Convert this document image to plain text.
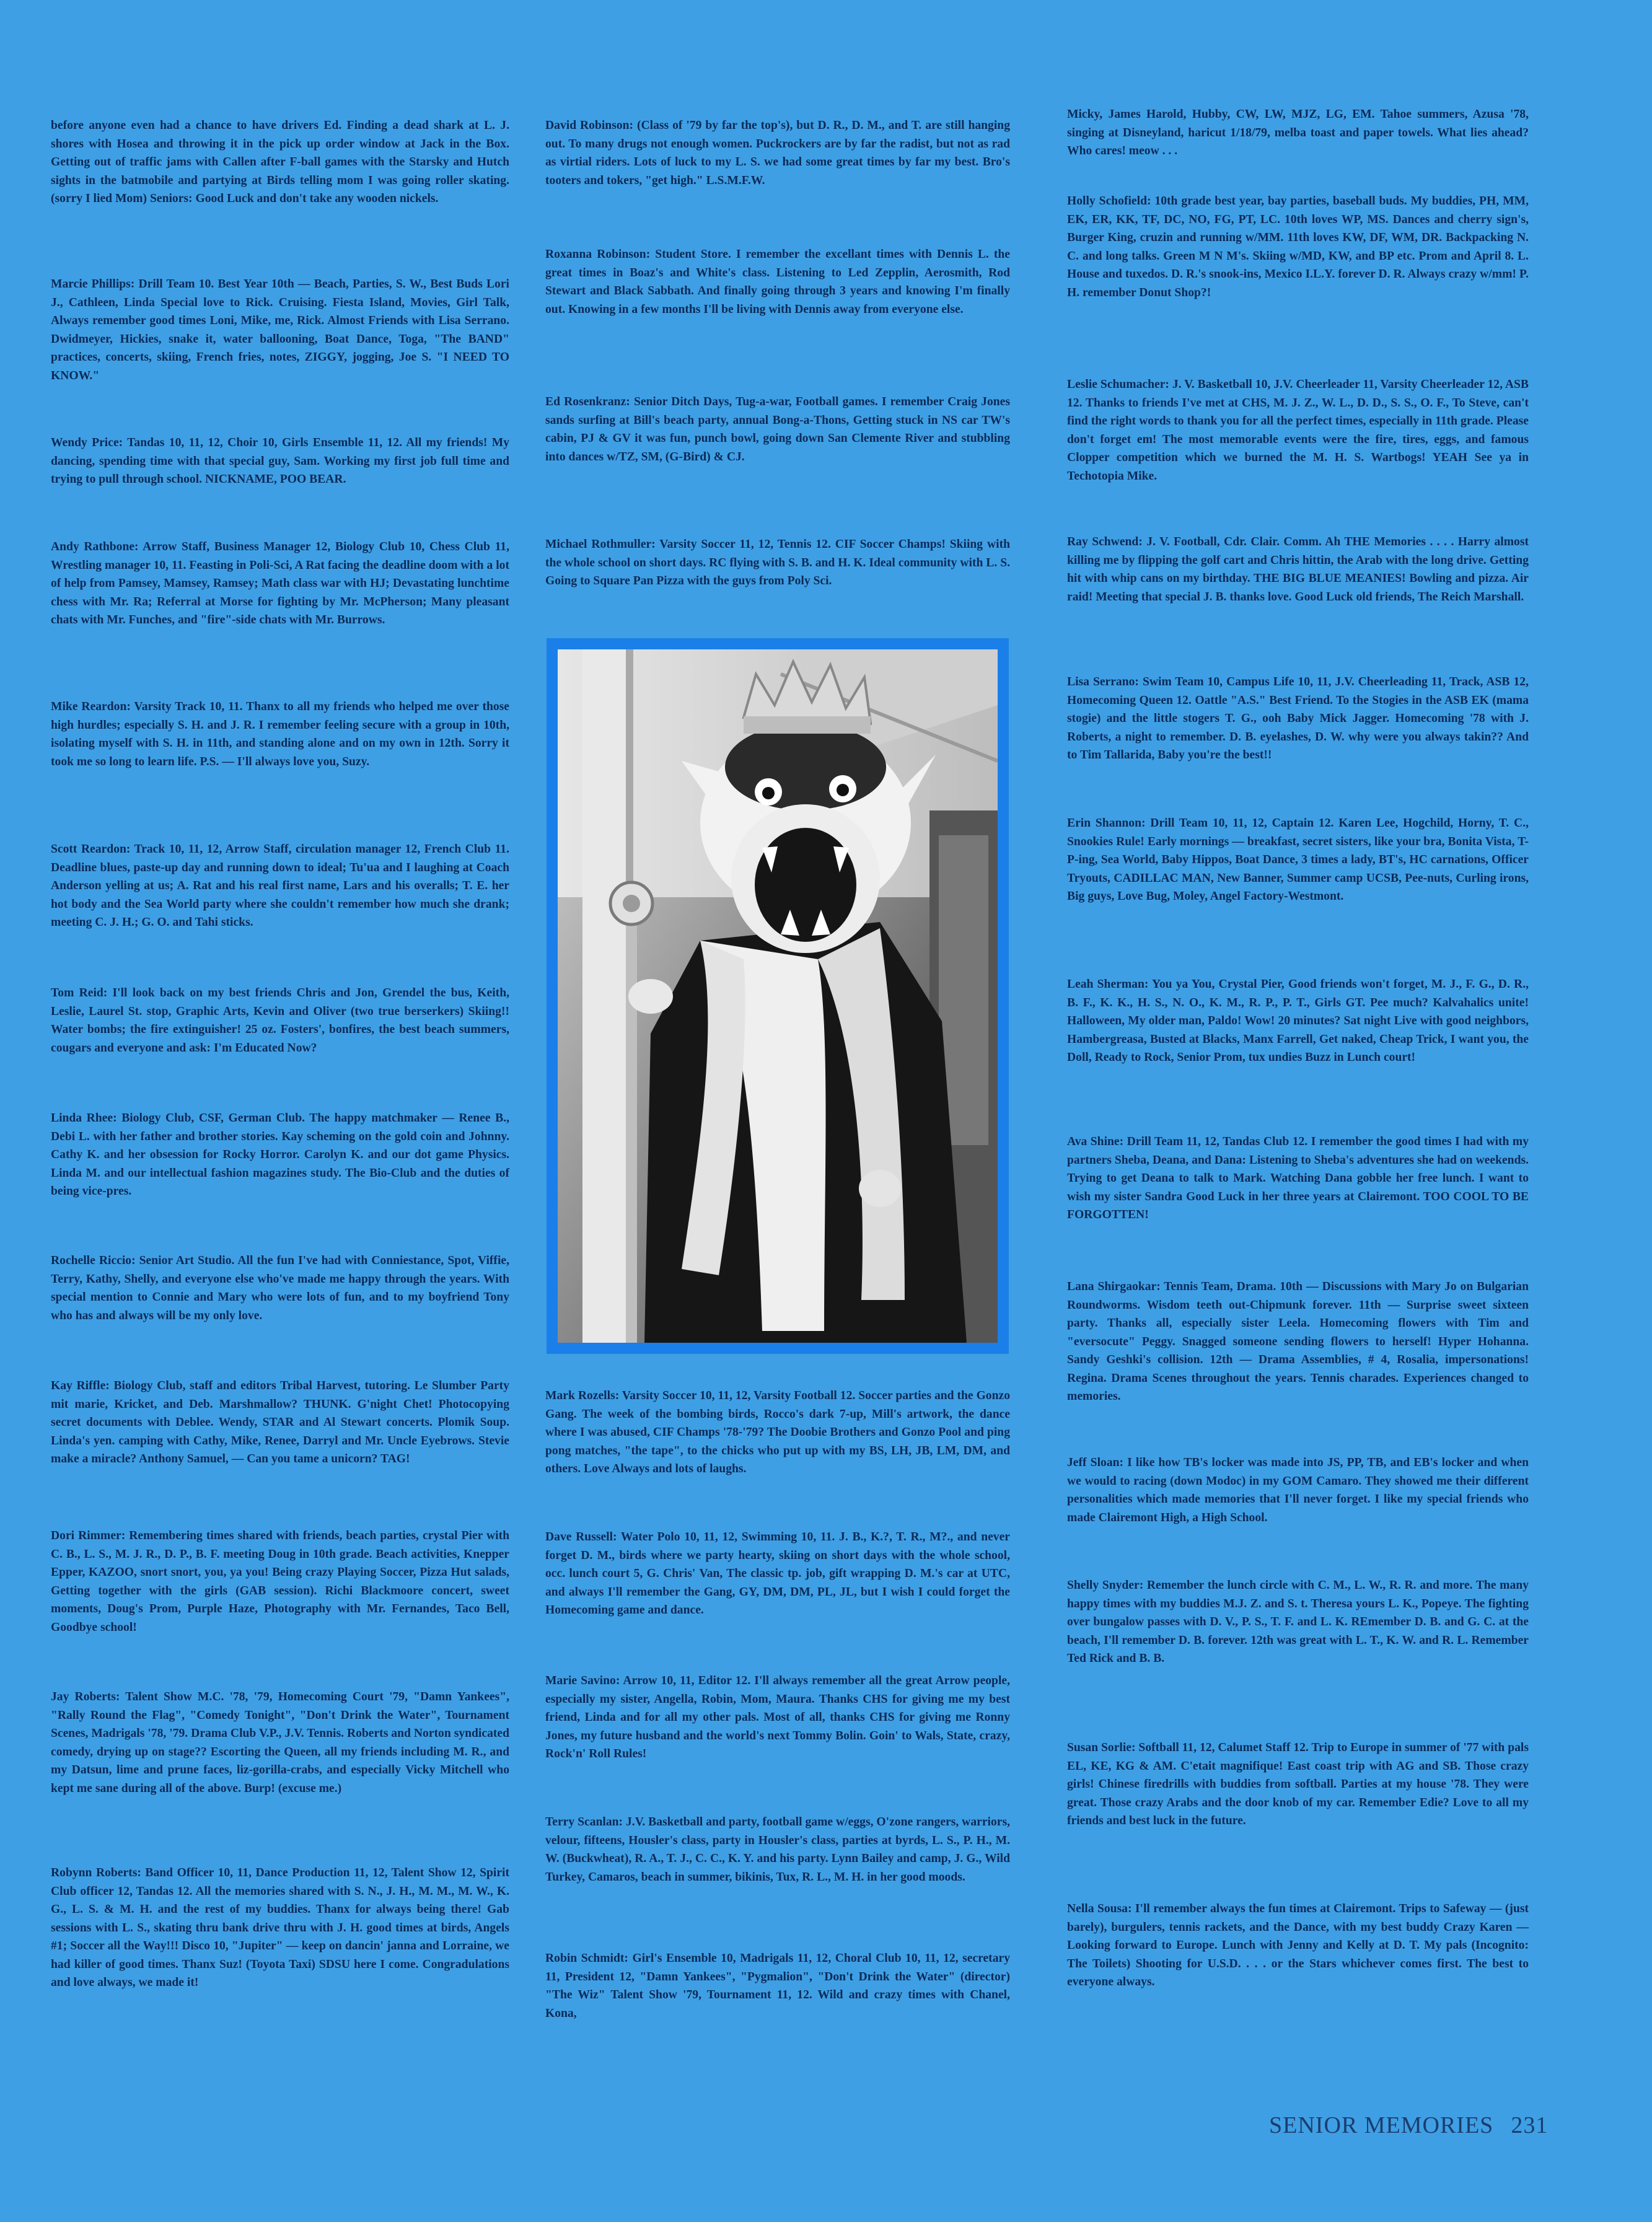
before anyone even had a chance to have drivers Ed. Finding a dead shark at L. J. shores with Hosea and throwing it in the pick up order window at Jack in the Box. Getting out of traffic jams with Callen after F-ball games with the Starsky and Hutch sights in the batmobile and partying at Birds telling mom I was going roller skating. (sorry I lied Mom) Seniors: Good Luck and don't take any wooden nickels.

Marcie Phillips: Drill Team 10. Best Year 10th — Beach, Parties, S. W., Best Buds Lori J., Cathleen, Linda Special love to Rick. Cruising. Fiesta Island, Movies, Girl Talk, Always remember good times Loni, Mike, me, Rick. Almost Friends with Lisa Serrano. Dwidmeyer, Hickies, snake it, water ballooning, Boat Dance, Toga, "The BAND" practices, concerts, skiing, French fries, notes, ZIGGY, jogging, Joe S. "I NEED TO KNOW."

Wendy Price: Tandas 10, 11, 12, Choir 10, Girls Ensemble 11, 12. All my friends! My dancing, spending time with that special guy, Sam. Working my first job full time and trying to pull through school. NICKNAME, POO BEAR.

Andy Rathbone: Arrow Staff, Business Manager 12, Biology Club 10, Chess Club 11, Wrestling manager 10, 11. Feasting in Poli-Sci, A Rat facing the deadline doom with a lot of help from Pamsey, Mamsey, Ramsey; Math class war with HJ; Devastating lunchtime chess with Mr. Ra; Referral at Morse for fighting by Mr. McPherson; Many pleasant chats with Mr. Funches, and "fire"-side chats with Mr. Burrows.

Mike Reardon: Varsity Track 10, 11. Thanx to all my friends who helped me over those high hurdles; especially S. H. and J. R. I remember feeling secure with a group in 10th, isolating myself with S. H. in 11th, and standing alone and on my own in 12th. Sorry it took me so long to learn life. P.S. — I'll always love you, Suzy.

Scott Reardon: Track 10, 11, 12, Arrow Staff, circulation manager 12, French Club 11. Deadline blues, paste-up day and running down to ideal; Tu'ua and I laughing at Coach Anderson yelling at us; A. Rat and his real first name, Lars and his overalls; T. E. her hot body and the Sea World party where she couldn't remember how much she drank; meeting C. J. H.; G. O. and Tahi sticks.

Tom Reid: I'll look back on my best friends Chris and Jon, Grendel the bus, Keith, Leslie, Laurel St. stop, Graphic Arts, Kevin and Oliver (two true berserkers) Skiing!! Water bombs; the fire extinguisher! 25 oz. Fosters', bonfires, the best beach summers, cougars and everyone and ask: I'm Educated Now?

Linda Rhee: Biology Club, CSF, German Club. The happy matchmaker — Renee B., Debi L. with her father and brother stories. Kay scheming on the gold coin and Johnny. Cathy K. and her obsession for Rocky Horror. Carolyn K. and our dot game Physics. Linda M. and our intellectual fashion magazines study. The Bio-Club and the duties of being vice-pres.

Rochelle Riccio: Senior Art Studio. All the fun I've had with Conniestance, Spot, Viffie, Terry, Kathy, Shelly, and everyone else who've made me happy through the years. With special mention to Connie and Mary who were lots of fun, and to my boyfriend Tony who has and always will be my only love.

Kay Riffle: Biology Club, staff and editors Tribal Harvest, tutoring. Le Slumber Party mit marie, Kricket, and Deb. Marshmallow? THUNK. G'night Chet! Photocopying secret documents with Deblee. Wendy, STAR and Al Stewart concerts. Plomik Soup. Linda's yen. camping with Cathy, Mike, Renee, Darryl and Mr. Uncle Eyebrows. Stevie make a miracle? Anthony Samuel, — Can you tame a unicorn? TAG!

Dori Rimmer: Remembering times shared with friends, beach parties, crystal Pier with C. B., L. S., M. J. R., D. P., B. F. meeting Doug in 10th grade. Beach activities, Knepper Epper, KAZOO, snort snort, you, ya you! Being crazy Playing Soccer, Pizza Hut salads, Getting together with the girls (GAB session). Richi Blackmoore concert, sweet moments, Doug's Prom, Purple Haze, Photography with Mr. Fernandes, Taco Bell, Goodbye school!

Jay Roberts: Talent Show M.C. '78, '79, Homecoming Court '79, "Damn Yankees", "Rally Round the Flag", "Comedy Tonight", "Don't Drink the Water", Tournament Scenes, Madrigals '78, '79. Drama Club V.P., J.V. Tennis. Roberts and Norton syndicated comedy, drying up on stage?? Escorting the Queen, all my friends including M. R., and my Datsun, lime and prune faces, liz-gorilla-crabs, and especially Vicky Mitchell who kept me sane during all of the above. Burp! (excuse me.)

Robynn Roberts: Band Officer 10, 11, Dance Production 11, 12, Talent Show 12, Spirit Club officer 12, Tandas 12. All the memories shared with S. N., J. H., M. M., M. W., K. G., L. S. & M. H. and the rest of my buddies. Thanx for always being there! Gab sessions with L. S., skating thru bank drive thru with J. H. good times at birds, Angels #1; Soccer all the Way!!! Disco 10, "Jupiter" — keep on dancin' janna and Lorraine, we had killer of good times. Thanx Suz! (Toyota Taxi) SDSU here I come. Congradulations and love always, we made it!

David Robinson: (Class of '79 by far the top's), but D. R., D. M., and T. are still hanging out. To many drugs not enough women. Puckrockers are by far the radist, but not as rad as virtial riders. Lots of luck to my L. S. we had some great times by far my best. Bro's tooters and tokers, "get high." L.S.M.F.W.

Roxanna Robinson: Student Store. I remember the excellant times with Dennis L. the great times in Boaz's and White's class. Listening to Led Zepplin, Aerosmith, Rod Stewart and Black Sabbath. And finally going through 3 years and knowing I'm finally out. Knowing in a few months I'll be living with Dennis away from everyone else.

Ed Rosenkranz: Senior Ditch Days, Tug-a-war, Football games. I remember Craig Jones sands surfing at Bill's beach party, annual Bong-a-Thons, Getting stuck in NS car TW's cabin, PJ & GV it was fun, punch bowl, going down San Clemente River and stubbling into dances w/TZ, SM, (G-Bird) & CJ.

Michael Rothmuller: Varsity Soccer 11, 12, Tennis 12. CIF Soccer Champs! Skiing with the whole school on short days. RC flying with S. B. and H. K. Ideal community with L. S. Going to Square Pan Pizza with the guys from Poly Sci.

Mark Rozells: Varsity Soccer 10, 11, 12, Varsity Football 12. Soccer parties and the Gonzo Gang. The week of the bombing birds, Rocco's dark 7-up, Mill's artwork, the dance where I was abused, CIF Champs '78-'79? The Doobie Brothers and Gonzo Pool and ping pong matches, "the tape", to the chicks who put up with my BS, LH, JB, LM, DM, and others. Love Always and lots of laughs.

Dave Russell: Water Polo 10, 11, 12, Swimming 10, 11. J. B., K.?, T. R., M?., and never forget D. M., birds where we party hearty, skiing on short days with the whole school, occ. lunch court 5, G. Chris' Van, The classic tp. job, gift wrapping D. M.'s car at UTC, and always I'll remember the Gang, GY, DM, DM, PL, JL, but I wish I could forget the Homecoming game and dance.

Marie Savino: Arrow 10, 11, Editor 12. I'll always remember all the great Arrow people, especially my sister, Angella, Robin, Mom, Maura. Thanks CHS for giving me my best friend, Linda and for all my other pals. Most of all, thanks CHS for giving me Ronny Jones, my future husband and the world's next Tommy Bolin. Goin' to Wals, State, crazy, Rock'n' Roll Rules!

Terry Scanlan: J.V. Basketball and party, football game w/eggs, O'zone rangers, warriors, velour, fifteens, Housler's class, party in Housler's class, parties at byrds, L. S., P. H., M. W. (Buckwheat), R. A., T. J., C. C., K. Y. and his party. Lynn Bailey and camp, J. G., Wild Turkey, Camaros, beach in summer, bikinis, Tux, R. L., M. H. in her good moods.

Robin Schmidt: Girl's Ensemble 10, Madrigals 11, 12, Choral Club 10, 11, 12, secretary 11, President 12, "Damn Yankees", "Pygmalion", "Don't Drink the Water" (director) "The Wiz" Talent Show '79, Tournament 11, 12. Wild and crazy times with Chanel, Kona,

Micky, James Harold, Hubby, CW, LW, MJZ, LG, EM. Tahoe summers, Azusa '78, singing at Disneyland, haricut 1/18/79, melba toast and paper towels. What lies ahead? Who cares! meow . . .

Holly Schofield: 10th grade best year, bay parties, baseball buds. My buddies, PH, MM, EK, ER, KK, TF, DC, NO, FG, PT, LC. 10th loves WP, MS. Dances and cherry sign's, Burger King, cruzin and running w/MM. 11th loves KW, DF, WM, DR. Backpacking N. C. and long talks. Green M N M's. Skiing w/MD, KW, and BP etc. Prom and April 8. L. House and tuxedos. D. R.'s snook-ins, Mexico I.L.Y. forever D. R. Always crazy w/mm! P. H. remember Donut Shop?!

Leslie Schumacher: J. V. Basketball 10, J.V. Cheerleader 11, Varsity Cheerleader 12, ASB 12. Thanks to friends I've met at CHS, M. J. Z., W. L., D. D., S. S., O. F., To Steve, can't find the right words to thank you for all the perfect times, especially in 11th grade. Please don't forget em! The most memorable events were the fire, tires, eggs, and famous Clopper competition which we burned the M. H. S. Wartbogs! YEAH See ya in Techotopia Mike.

Ray Schwend: J. V. Football, Cdr. Clair. Comm. Ah THE Memories . . . . Harry almost killing me by flipping the golf cart and Chris hittin, the Arab with the long drive. Getting hit with whip cans on my birthday. THE BIG BLUE MEANIES! Bowling and pizza. Air raid! Meeting that special J. B. thanks love. Good Luck old friends, The Reich Marshall.

Lisa Serrano: Swim Team 10, Campus Life 10, 11, J.V. Cheerleading 11, Track, ASB 12, Homecoming Queen 12. Oattle "A.S." Best Friend. To the Stogies in the ASB EK (mama stogie) and the little stogers T. G., ooh Baby Mick Jagger. Homecoming '78 with J. Roberts, a night to remember. D. B. eyelashes, D. W. why were you always takin?? And to Tim Tallarida, Baby you're the best!!

Erin Shannon: Drill Team 10, 11, 12, Captain 12. Karen Lee, Hogchild, Horny, T. C., Snookies Rule! Early mornings — breakfast, secret sisters, like your bra, Bonita Vista, T-P-ing, Sea World, Baby Hippos, Boat Dance, 3 times a lady, BT's, HC carnations, Officer Tryouts, CADILLAC MAN, New Banner, Summer camp UCSB, Pee-nuts, Curling irons, Big guys, Love Bug, Moley, Angel Factory-Westmont.

Leah Sherman: You ya You, Crystal Pier, Good friends won't forget, M. J., F. G., D. R., B. F., K. K., H. S., N. O., K. M., R. P., P. T., Girls GT. Pee much? Kalvahalics unite! Halloween, My older man, Paldo! Wow! 20 minutes? Sat night Live with good neighbors, Hambergreasa, Busted at Blacks, Manx Farrell, Get naked, Cheap Trick, I want you, the Doll, Ready to Rock, Senior Prom, tux undies Buzz in Lunch court!

Ava Shine: Drill Team 11, 12, Tandas Club 12. I remember the good times I had with my partners Sheba, Deana, and Dana: Listening to Sheba's adventures she had on weekends. Trying to get Deana to talk to Mark. Watching Dana gobble her free lunch. I want to wish my sister Sandra Good Luck in her three years at Clairemont. TOO COOL TO BE FORGOTTEN!

Lana Shirgaokar: Tennis Team, Drama. 10th — Discussions with Mary Jo on Bulgarian Roundworms. Wisdom teeth out-Chipmunk forever. 11th — Surprise sweet sixteen party. Thanks all, especially sister Leela. Homecoming flowers with Tim and "eversocute" Peggy. Snagged someone sending flowers to herself! Hyper Hohanna. Sandy Geshki's collision. 12th — Drama Assemblies, # 4, Rosalia, impersonations! Regina. Drama Scenes throughout the years. Tennis charades. Experiences changed to memories.

Jeff Sloan: I like how TB's locker was made into JS, PP, TB, and EB's locker and when we would to racing (down Modoc) in my GOM Camaro. They showed me their different personalities which made memories that I'll never forget. I like my special friends who made Clairemont High, a High School.

Shelly Snyder: Remember the lunch circle with C. M., L. W., R. R. and more. The many happy times with my buddies M.J. Z. and S. t. Theresa yours L. K., Popeye. The fighting over bungalow passes with D. V., P. S., T. F. and L. K. REmember D. B. and G. C. at the beach, I'll remember D. B. forever. 12th was great with L. T., K. W. and R. L. Remember Ted Rick and B. B.

Susan Sorlie: Softball 11, 12, Calumet Staff 12. Trip to Europe in summer of '77 with pals EL, KE, KG & AM. C'etait magnifique! East coast trip with AG and SB. Those crazy girls! Chinese firedrills with buddies from softball. Parties at my house '78. They were great. Those crazy Arabs and the door knob of my car. Remember Edie? Love to all my friends and best luck in the future.

Nella Sousa: I'll remember always the fun times at Clairemont. Trips to Safeway — (just barely), burgulers, tennis rackets, and the Dance, with my best buddy Crazy Karen — Looking forward to Europe. Lunch with Jenny and Kelly at D. T. My pals (Incognito: The Toilets) Shooting for U.S.D. . . . or the Stars whichever comes first. The best to everyone always.

SENIOR MEMORIES 231
